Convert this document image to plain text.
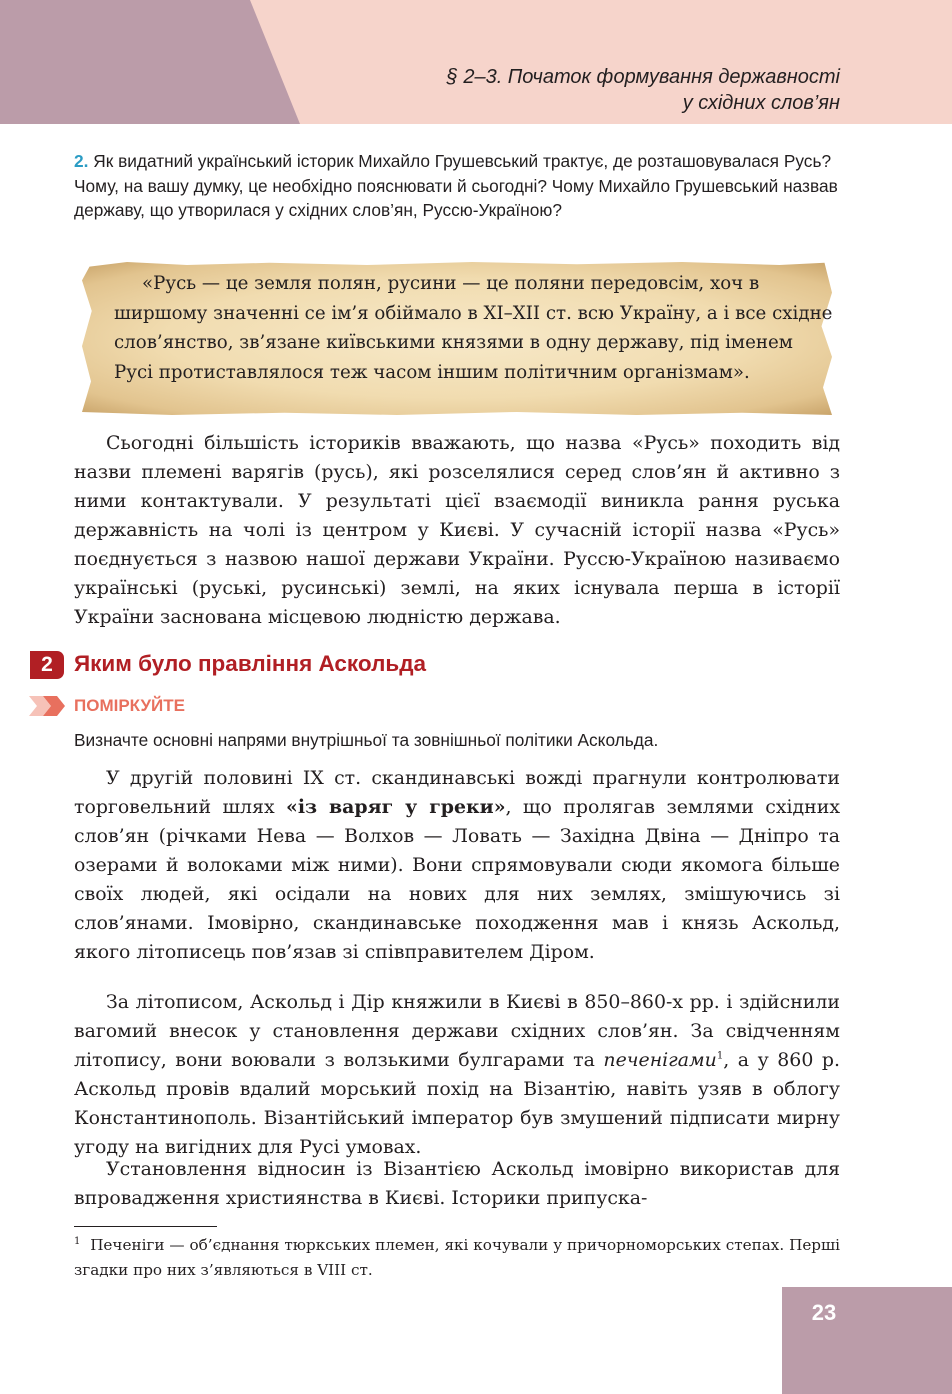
§ 2–3. Початок формування державності
у східних слов’ян
2. Як видатний український історик Михайло Грушевський трактує, де розташовувалася Русь? Чому, на вашу думку, це необхідно пояснювати й сьогодні? Чому Михайло Грушевський назвав державу, що утворилася у східних слов’ян, Руссю-Україною?
«Русь — це земля полян, русини — це поляни передовсім, хоч в ширшому значенні се ім’я обіймало в XI–XII ст. всю Україну, а і все східне слов’янство, зв’язане київськими князями в одну державу, під іменем Русі протиставлялося теж часом іншим політичним організмам».
Сьогодні більшість істориків вважають, що назва «Русь» походить від назви племені варягів (русь), які розселялися серед слов’ян й активно з ними контактували. У результаті цієї взаємодії виникла рання руська державність на чолі із центром у Києві. У сучасній історії назва «Русь» поєднується з назвою нашої держави України. Руссю-Україною називаємо українські (руські, русинські) землі, на яких існувала перша в історії України заснована місцевою людністю держава.
2 Яким було правління Аскольда
ПОМІРКУЙТЕ
Визначте основні напрями внутрішньої та зовнішньої політики Аскольда.
У другій половині IX ст. скандинавські вожді прагнули контролювати торговельний шлях «із варяг у греки», що пролягав землями східних слов’ян (річками Нева — Волхов — Ловать — Західна Двіна — Дніпро та озерами й волоками між ними). Вони спрямовували сюди якомога більше своїх людей, які осідали на нових для них землях, змішуючись зі слов’янами. Імовірно, скандинавське походження мав і князь Аскольд, якого літописець пов’язав зі співправителем Діром.
За літописом, Аскольд і Дір княжили в Києві в 850–860-х рр. і здійснили вагомий внесок у становлення держави східних слов’ян. За свідченням літопису, вони воювали з волзькими булгарами та печенігами$^1$, а у 860 р. Аскольд провів вдалий морський похід на Візантію, навіть узяв в облогу Константинополь. Візантійський імператор був змушений підписати мирну угоду на вигідних для Русі умовах.
Установлення відносин із Візантією Аскольд імовірно використав для впровадження християнства в Києві. Історики припуска-
$^1$ Печеніги — об’єднання тюркських племен, які кочували у причорноморських степах. Перші згадки про них з’являються в VIII ст.
23
